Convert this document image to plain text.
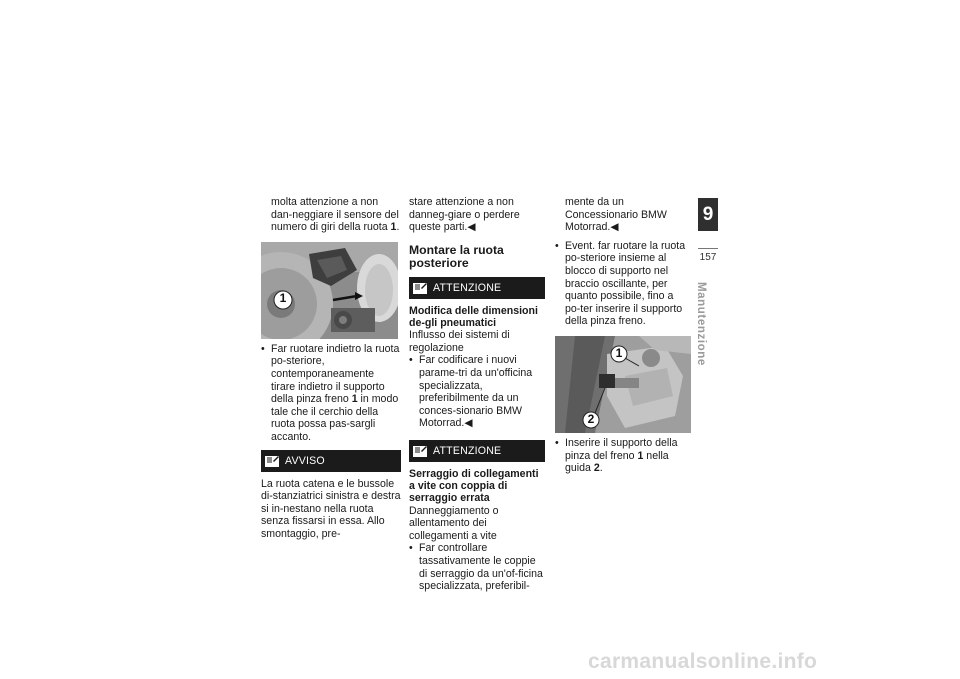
molta attenzione a non dan-neggiare il sensore del numero di giri della ruota 1.

1

• Far ruotare indietro la ruota po-steriore, contemporaneamente tirare indietro il supporto della pinza freno 1 in modo tale che il cerchio della ruota possa pas-sargli accanto.

AVVISO

La ruota catena e le bussole di-stanziatrici sinistra e destra si in-nestano nella ruota senza fissarsi in essa. Allo smontaggio, pre-

stare attenzione a non danneg-giare o perdere queste parti.◀

Montare la ruota posteriore
ATTENZIONE
Modifica delle dimensioni de-gli pneumatici

Influsso dei sistemi di regolazione

• Far codificare i nuovi parame-tri da un'officina specializzata, preferibilmente da un conces-sionario BMW Motorrad.◀

ATTENZIONE
Serraggio di collegamenti a vite con coppia di serraggio errata

Danneggiamento o allentamento dei collegamenti a vite

• Far controllare tassativamente le coppie di serraggio da un'of-ficina specializzata, preferibil-

mente da un Concessionario BMW Motorrad.◀

• Event. far ruotare la ruota po-steriore insieme al blocco di supporto nel braccio oscillante, per quanto possibile, fino a po-ter inserire il supporto della pinza freno.

1
2

• Inserire il supporto della pinza del freno 1 nella guida 2.

9
157
Manutenzione
carmanualsonline.info
